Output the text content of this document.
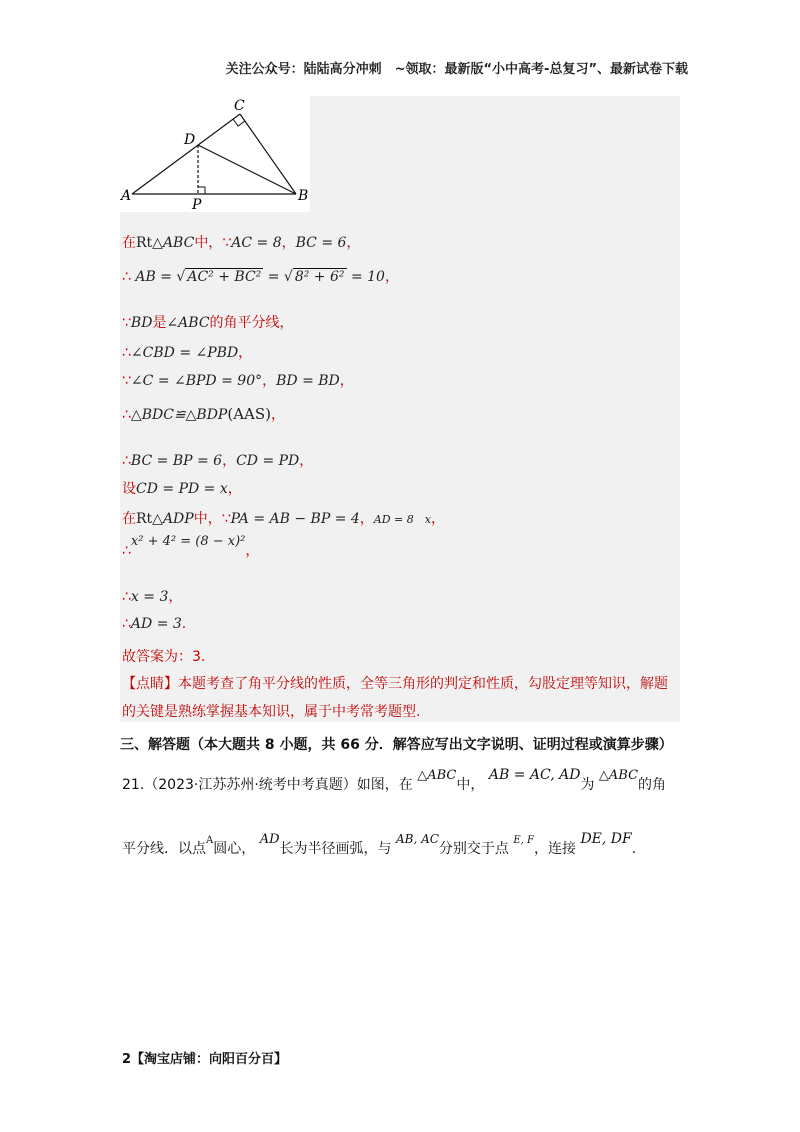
关注公众号：陆陆高分冲刺　~领取：最新版“小中高考-总复习”、最新试卷下载
C
D
A
P
B
在Rt△ABC中，∵AC = 8，BC = 6，
∴ AB = √ AC² + BC² = √ 8² + 6² = 10，
∵BD是∠ABC的角平分线，
∴∠CBD = ∠PBD，
∵∠C = ∠BPD = 90°，BD = BD，
∴△BDC≌△BDP(AAS)，
∴BC = BP = 6，CD = PD，
设CD = PD = x，
在Rt△ADP中，∵PA = AB − BP = 4，AD = 8　x，
∴x² + 4² = (8 − x)²，
∴x = 3，
∴AD = 3.
故答案为：3.
【点睛】本题考查了角平分线的性质，全等三角形的判定和性质，勾股定理等知识，解题的关键是熟练掌握基本知识，属于中考常考题型.
三、解答题（本大题共 8 小题，共 66 分．解答应写出文字说明、证明过程或演算步骤）
21.（2023·江苏苏州·统考中考真题）如图，在 △ABC中， AB = AC, AD为 △ABC的角
平分线．以点$^A$圆心， AD长为半径画弧，与 AB, AC分别交于点 $^{E, F}$，连接 DE, DF.
2【淘宝店铺：向阳百分百】
